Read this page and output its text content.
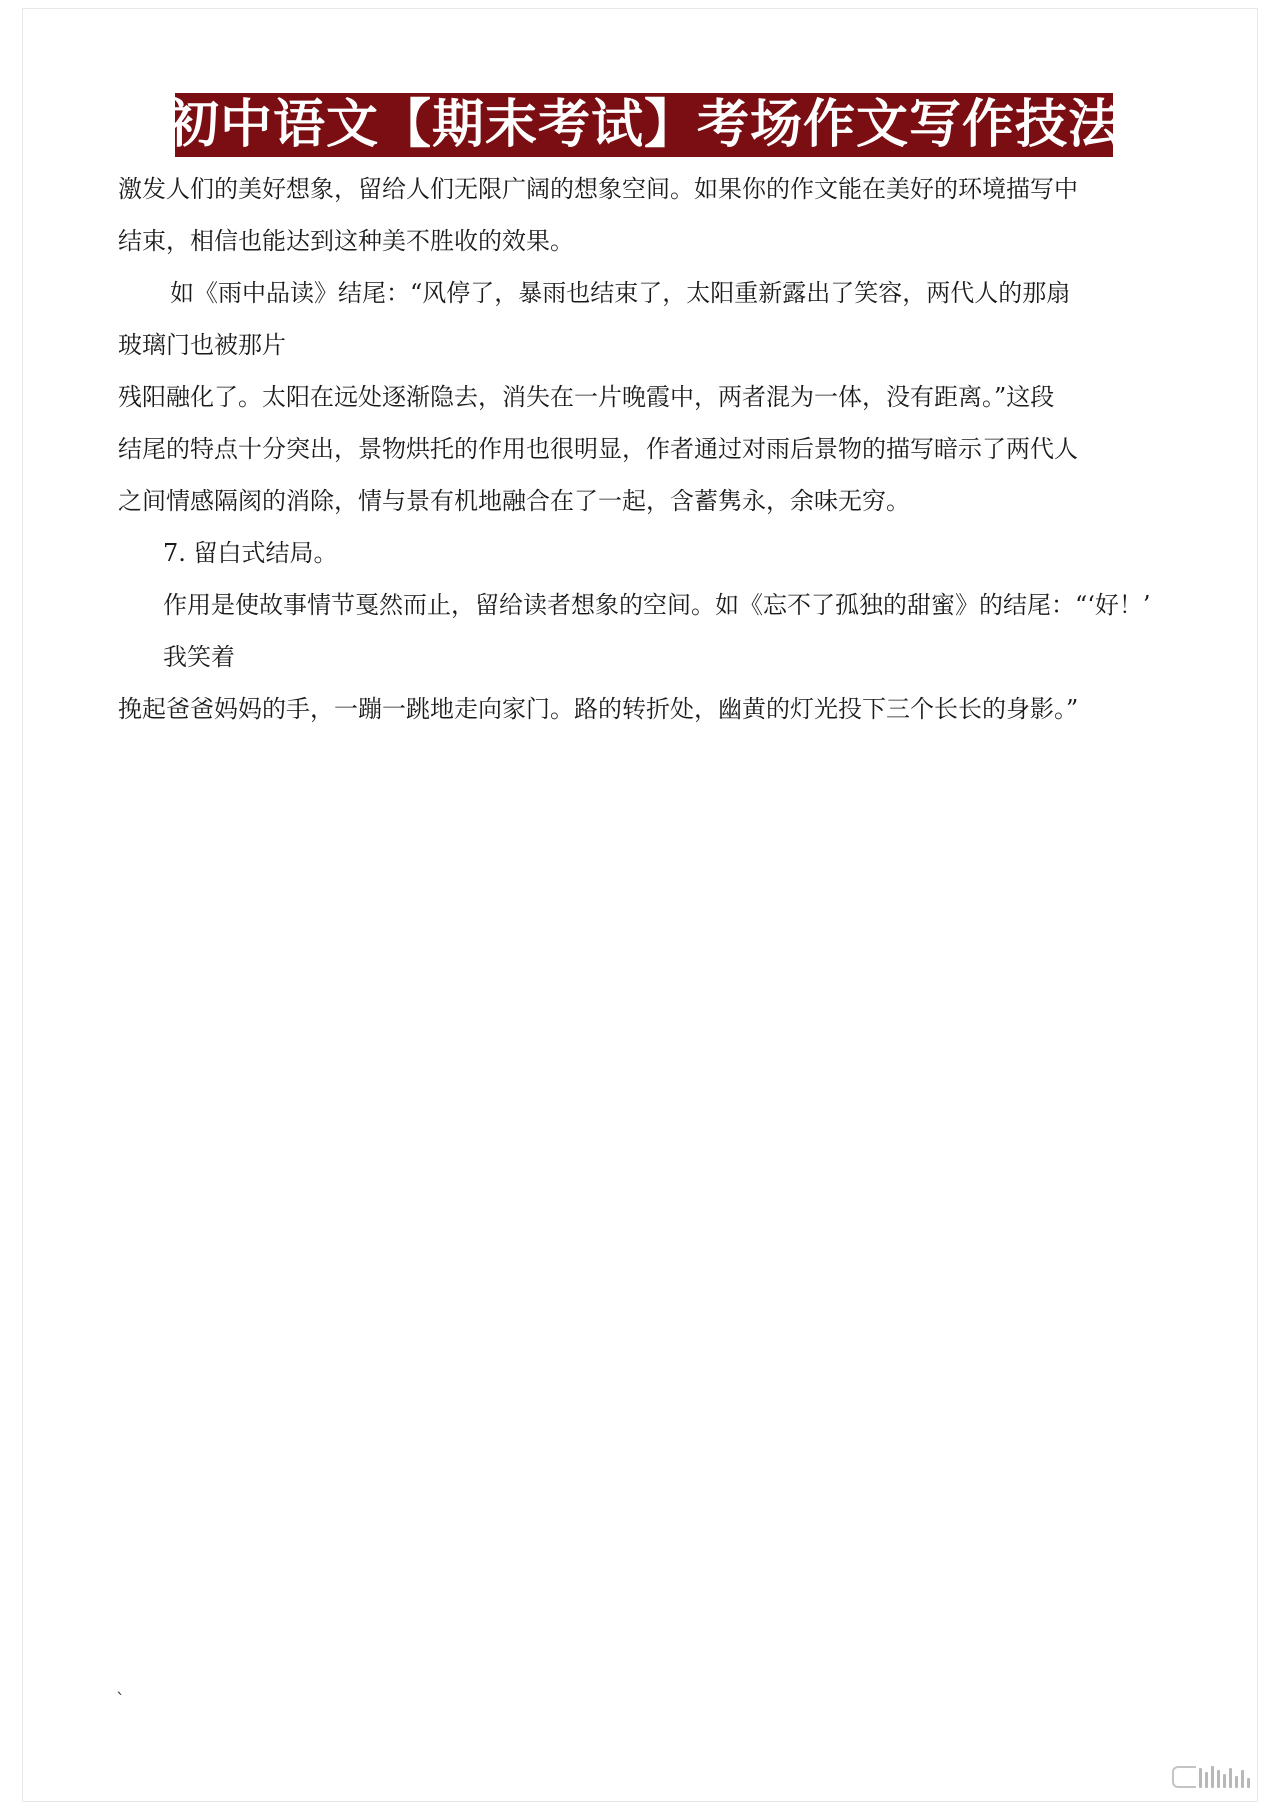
初中语文【期末考试】考场作文写作技法
激发人们的美好想象，留给人们无限广阔的想象空间。如果你的作文能在美好的环境描写中
结束，相信也能达到这种美不胜收的效果。
如《雨中品读》结尾：“风停了，暴雨也结束了，太阳重新露出了笑容，两代人的那扇
玻璃门也被那片
残阳融化了。太阳在远处逐渐隐去，消失在一片晚霞中，两者混为一体，没有距离。”这段
结尾的特点十分突出，景物烘托的作用也很明显，作者通过对雨后景物的描写暗示了两代人
之间情感隔阂的消除，情与景有机地融合在了一起，含蓄隽永，余味无穷。
7. 留白式结局。
作用是使故事情节戛然而止，留给读者想象的空间。如《忘不了孤独的甜蜜》的结尾：“‘好！’
我笑着
挽起爸爸妈妈的手，一蹦一跳地走向家门。路的转折处，幽黄的灯光投下三个长长的身影。”
`
